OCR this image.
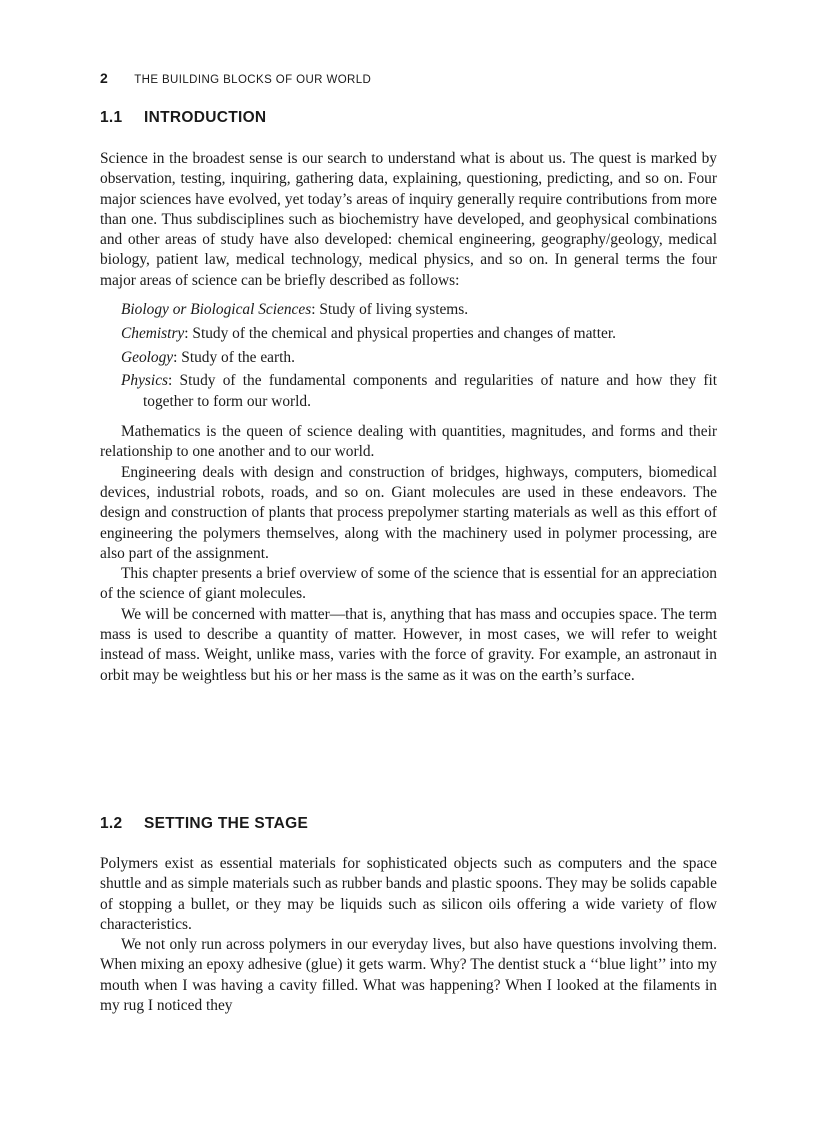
2 THE BUILDING BLOCKS OF OUR WORLD
1.1	INTRODUCTION

Science in the broadest sense is our search to understand what is about us. The quest is marked by observation, testing, inquiring, gathering data, explaining, questioning, predicting, and so on. Four major sciences have evolved, yet today’s areas of inquiry generally require contributions from more than one. Thus subdisciplines such as biochemistry have developed, and geophysical combinations and other areas of study have also developed: chemical engineering, geography/geology, medical biology, patient law, medical technology, medical physics, and so on. In general terms the four major areas of science can be briefly described as follows:

Biology or Biological Sciences: Study of living systems.
Chemistry: Study of the chemical and physical properties and changes of matter.
Geology: Study of the earth.
Physics: Study of the fundamental components and regularities of nature and how they fit together to form our world.

Mathematics is the queen of science dealing with quantities, magnitudes, and forms and their relationship to one another and to our world.

Engineering deals with design and construction of bridges, highways, computers, biomedical devices, industrial robots, roads, and so on. Giant molecules are used in these endeavors. The design and construction of plants that process prepolymer starting materials as well as this effort of engineering the polymers themselves, along with the machinery used in polymer processing, are also part of the assignment.

This chapter presents a brief overview of some of the science that is essential for an appreciation of the science of giant molecules.

We will be concerned with matter—that is, anything that has mass and occupies space. The term mass is used to describe a quantity of matter. However, in most cases, we will refer to weight instead of mass. Weight, unlike mass, varies with the force of gravity. For example, an astronaut in orbit may be weightless but his or her mass is the same as it was on the earth’s surface.

1.2	SETTING THE STAGE

Polymers exist as essential materials for sophisticated objects such as computers and the space shuttle and as simple materials such as rubber bands and plastic spoons. They may be solids capable of stopping a bullet, or they may be liquids such as silicon oils offering a wide variety of flow characteristics.

We not only run across polymers in our everyday lives, but also have questions involving them. When mixing an epoxy adhesive (glue) it gets warm. Why? The dentist stuck a ‘‘blue light’’ into my mouth when I was having a cavity filled. What was happening? When I looked at the filaments in my rug I noticed they
